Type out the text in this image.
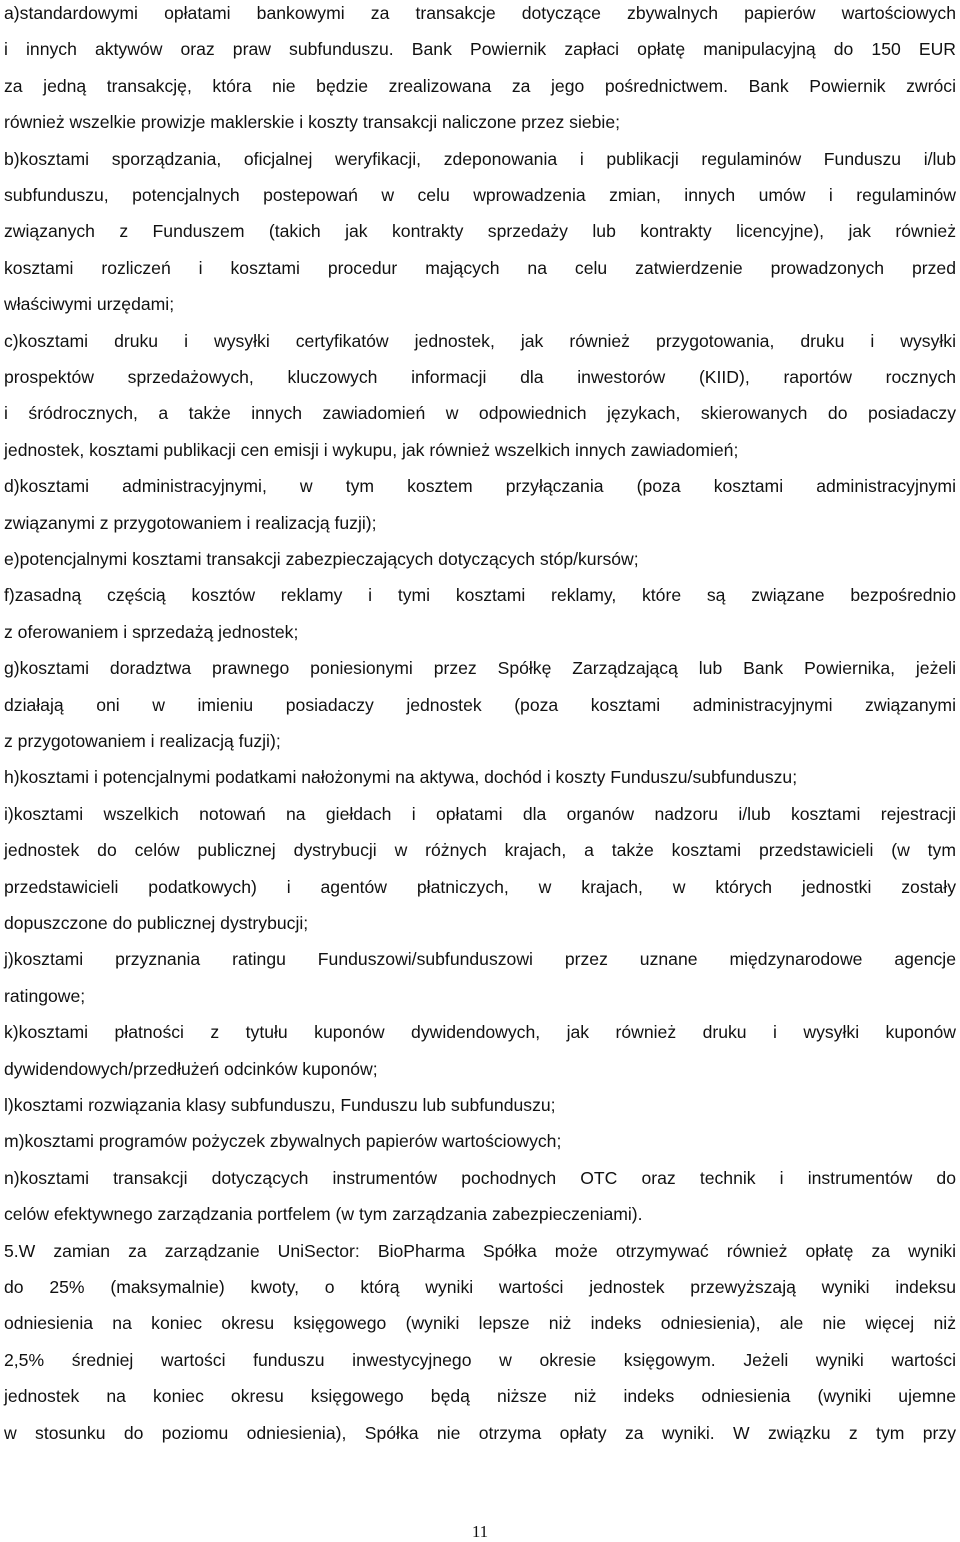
a)standardowymi opłatami bankowymi za transakcje dotyczące zbywalnych papierów wartościowych
i innych aktywów oraz praw subfunduszu. Bank Powiernik zapłaci opłatę manipulacyjną do 150 EUR
za jedną transakcję, która nie będzie zrealizowana za jego pośrednictwem. Bank Powiernik zwróci
również wszelkie prowizje maklerskie i koszty transakcji naliczone przez siebie;
b)kosztami sporządzania, oficjalnej weryfikacji, zdeponowania i publikacji regulaminów Funduszu i/lub
subfunduszu, potencjalnych postepowań w celu wprowadzenia zmian, innych umów i regulaminów
związanych z Funduszem (takich jak kontrakty sprzedaży lub kontrakty licencyjne), jak również
kosztami rozliczeń i kosztami procedur mających na celu zatwierdzenie prowadzonych przed
właściwymi urzędami;
c)kosztami druku i wysyłki certyfikatów jednostek, jak również przygotowania, druku i wysyłki
prospektów sprzedażowych, kluczowych informacji dla inwestorów (KIID), raportów rocznych
i śródrocznych, a także innych zawiadomień w odpowiednich językach, skierowanych do posiadaczy
jednostek, kosztami publikacji cen emisji i wykupu, jak również wszelkich innych zawiadomień;
d)kosztami administracyjnymi, w tym kosztem przyłączania (poza kosztami administracyjnymi
związanymi z przygotowaniem i realizacją fuzji);
e)potencjalnymi kosztami transakcji zabezpieczających dotyczących stóp/kursów;
f)zasadną częścią kosztów reklamy i tymi kosztami reklamy, które są związane bezpośrednio
z oferowaniem i sprzedażą jednostek;
g)kosztami doradztwa prawnego poniesionymi przez Spółkę Zarządzającą lub Bank Powiernika, jeżeli
działają oni w imieniu posiadaczy jednostek (poza kosztami administracyjnymi związanymi
z przygotowaniem i realizacją fuzji);
h)kosztami i potencjalnymi podatkami nałożonymi na aktywa, dochód i koszty Funduszu/subfunduszu;
i)kosztami wszelkich notowań na giełdach i opłatami dla organów nadzoru i/lub kosztami rejestracji
jednostek do celów publicznej dystrybucji w różnych krajach, a także kosztami przedstawicieli (w tym
przedstawicieli podatkowych) i agentów płatniczych, w krajach, w których jednostki zostały
dopuszczone do publicznej dystrybucji;
j)kosztami przyznania ratingu Funduszowi/subfunduszowi przez uznane międzynarodowe agencje
ratingowe;
k)kosztami płatności z tytułu kuponów dywidendowych, jak również druku i wysyłki kuponów
dywidendowych/przedłużeń odcinków kuponów;
l)kosztami rozwiązania klasy subfunduszu, Funduszu lub subfunduszu;
m)kosztami programów pożyczek zbywalnych papierów wartościowych;
n)kosztami transakcji dotyczących instrumentów pochodnych OTC oraz technik i instrumentów do
celów efektywnego zarządzania portfelem (w tym zarządzania zabezpieczeniami).
5.W zamian za zarządzanie UniSector: BioPharma Spółka może otrzymywać również opłatę za wyniki
do 25% (maksymalnie) kwoty, o którą wyniki wartości jednostek przewyższają wyniki indeksu
odniesienia na koniec okresu księgowego (wyniki lepsze niż indeks odniesienia), ale nie więcej niż
2,5% średniej wartości funduszu inwestycyjnego w okresie księgowym. Jeżeli wyniki wartości
jednostek na koniec okresu księgowego będą niższe niż indeks odniesienia (wyniki ujemne
w stosunku do poziomu odniesienia), Spółka nie otrzyma opłaty za wyniki. W związku z tym przy
11
